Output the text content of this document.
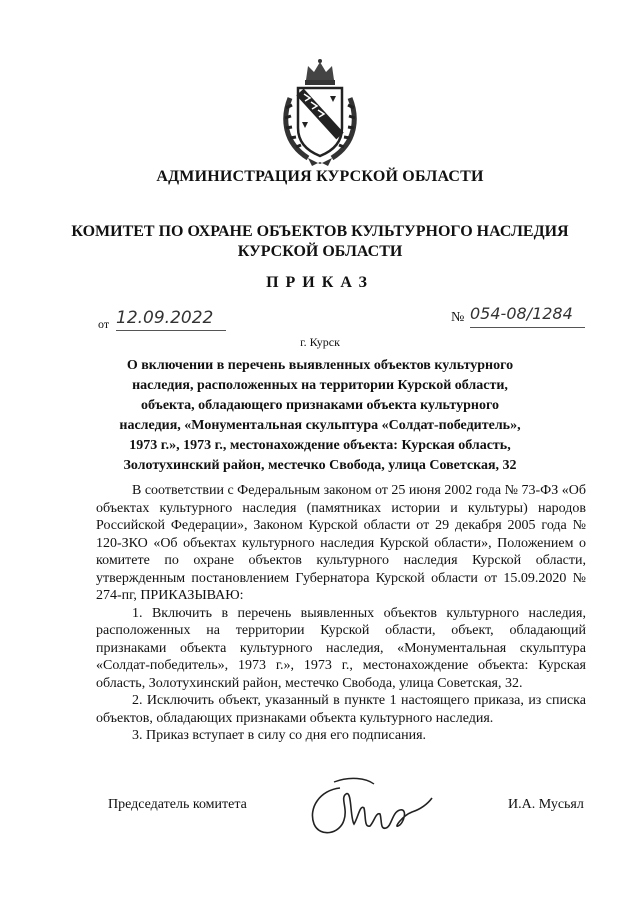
АДМИНИСТРАЦИЯ КУРСКОЙ ОБЛАСТИ
КОМИТЕТ ПО ОХРАНЕ ОБЪЕКТОВ КУЛЬТУРНОГО НАСЛЕДИЯ КУРСКОЙ ОБЛАСТИ
ПРИКАЗ
от 12.09.2022	№ 054-08/1284
г. Курск
О включении в перечень выявленных объектов культурного наследия, расположенных на территории Курской области, объекта, обладающего признаками объекта культурного наследия, «Монументальная скульптура «Солдат-победитель», 1973 г.», 1973 г., местонахождение объекта: Курская область, Золотухинский район, местечко Свобода, улица Советская, 32

В соответствии с Федеральным законом от 25 июня 2002 года № 73-ФЗ «Об объектах культурного наследия (памятниках истории и культуры) народов Российской Федерации», Законом Курской области от 29 декабря 2005 года № 120-ЗКО «Об объектах культурного наследия Курской области», Положением о комитете по охране объектов культурного наследия Курской области, утвержденным постановлением Губернатора Курской области от 15.09.2020 № 274-пг, ПРИКАЗЫВАЮ:

1. Включить в перечень выявленных объектов культурного наследия, расположенных на территории Курской области, объект, обладающий признаками объекта культурного наследия, «Монументальная скульптура «Солдат-победитель», 1973 г.», 1973 г., местонахождение объекта: Курская область, Золотухинский район, местечко Свобода, улица Советская, 32.

2. Исключить объект, указанный в пункте 1 настоящего приказа, из списка объектов, обладающих признаками объекта культурного наследия.

3. Приказ вступает в силу со дня его подписания.

Председатель комитета	И.А. Мусьял
